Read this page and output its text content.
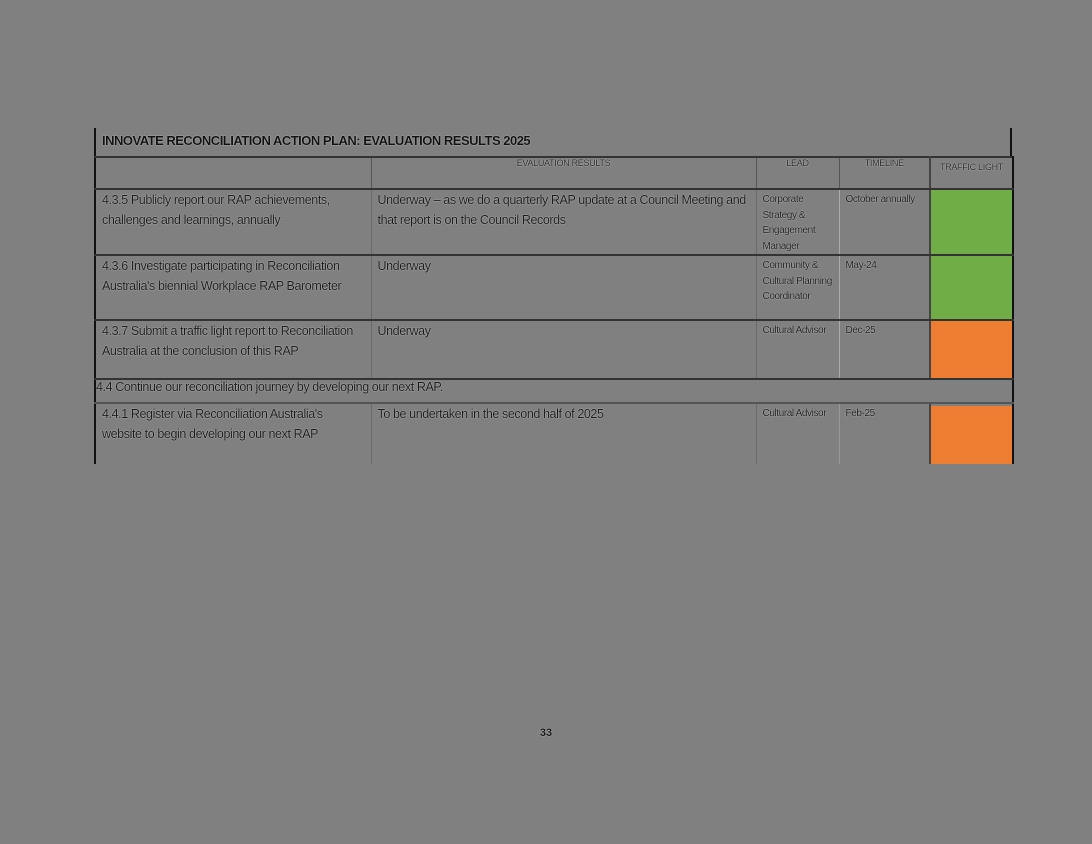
INNOVATE RECONCILIATION ACTION PLAN: EVALUATION RESULTS 2025
	EVALUATION RESULTS	LEAD	TIMELINE	TRAFFIC LIGHT
4.3.5 Publicly report our RAP achievements, challenges and learnings, annually	Underway – as we do a quarterly RAP update at a Council Meeting and that report is on the Council Records	Corporate Strategy & Engagement Manager	October annually	

4.3.6 Investigate participating in Reconciliation Australia's biennial Workplace RAP Barometer	Underway	Community & Cultural Planning Coordinator	May-24	

4.3.7 Submit a traffic light report to Reconciliation Australia at the conclusion of this RAP	Underway	Cultural Advisor	Dec-25	

4.4 Continue our reconciliation journey by developing our next RAP.				
4.4.1 Register via Reconciliation Australia's website to begin developing our next RAP	To be undertaken in the second half of 2025	Cultural Advisor	Feb-25	
33
